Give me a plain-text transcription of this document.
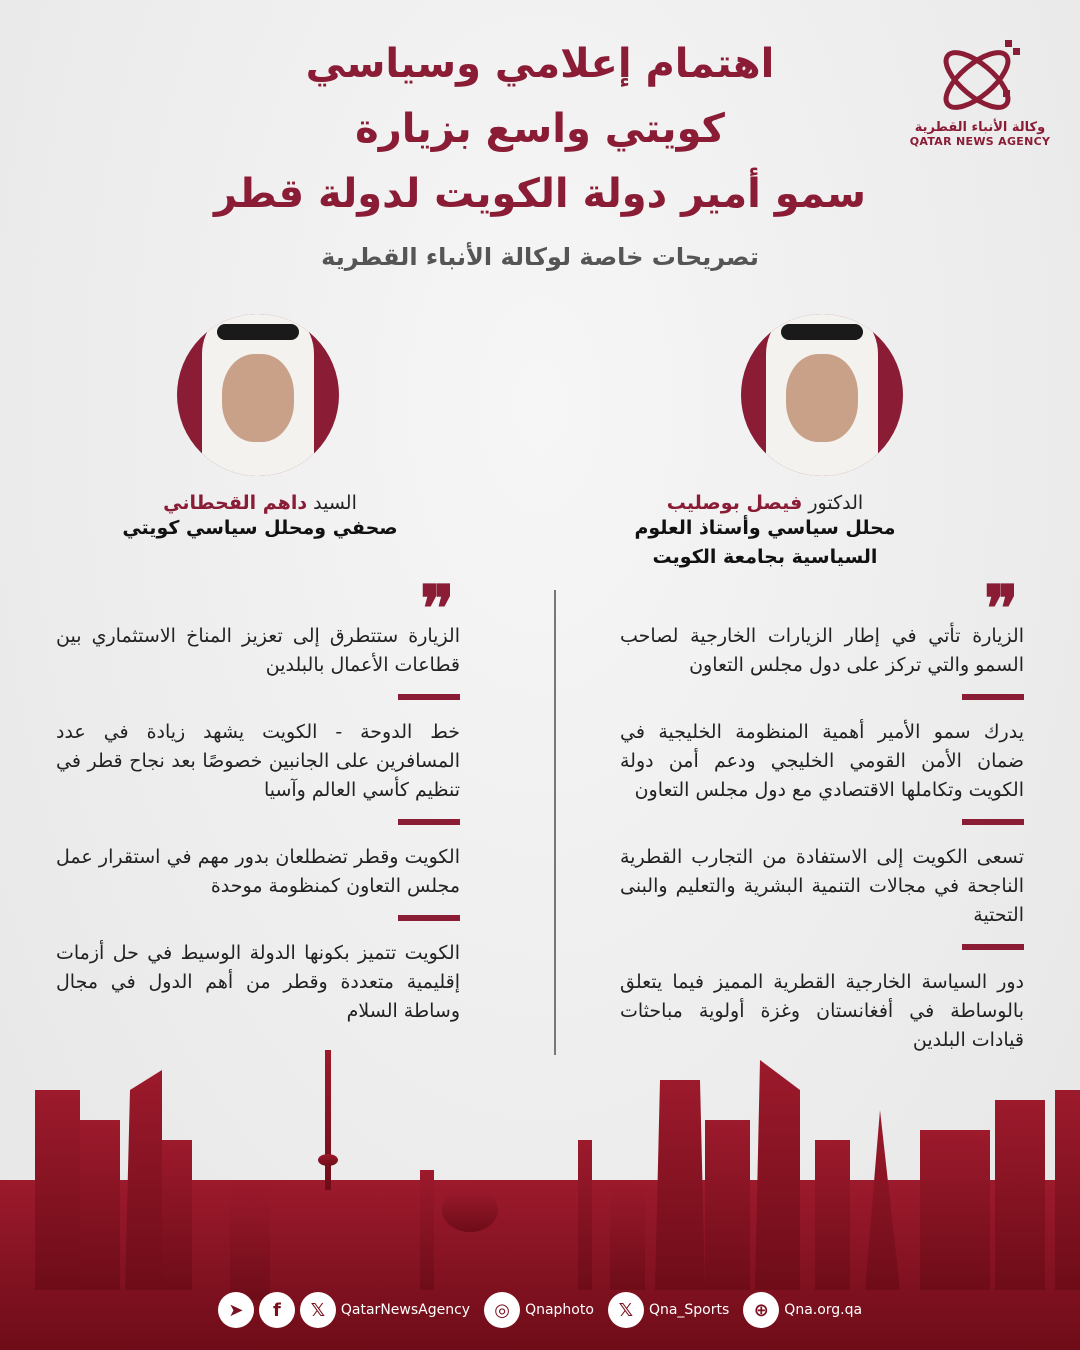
وكالة الأنباء القطرية
QATAR NEWS AGENCY
اهتمام إعلامي وسياسي
كويتي واسع بزيارة
سمو أمير دولة الكويت لدولة قطر
تصريحات خاصة لوكالة الأنباء القطرية
الدكتور فيصل بوصليب
محلل سياسي وأستاذ العلوم
السياسية بجامعة الكويت
السيد داهم القحطاني
صحفي ومحلل سياسي كويتي
❞
❞	الزيارة تأتي في إطار الزيارات الخارجية لصاحب السمو والتي تركز على دول مجلس التعاون
يدرك سمو الأمير أهمية المنظومة الخليجية في ضمان الأمن القومي الخليجي ودعم أمن دولة الكويت وتكاملها الاقتصادي مع دول مجلس التعاون
تسعى الكويت إلى الاستفادة من التجارب القطرية الناجحة في مجالات التنمية البشرية والتعليم والبنى التحتية
دور السياسة الخارجية القطرية المميز فيما يتعلق بالوساطة في أفغانستان وغزة أولوية مباحثات قيادات البلدين
الزيارة ستتطرق إلى تعزيز المناخ الاستثماري بين قطاعات الأعمال بالبلدين
خط الدوحة - الكويت يشهد زيادة في عدد المسافرين على الجانبين خصوصًا بعد نجاح قطر في تنظيم كأسي العالم وآسيا
الكويت وقطر تضطلعان بدور مهم في استقرار عمل مجلس التعاون كمنظومة موحدة
الكويت تتميز بكونها الدولة الوسيط في حل أزمات إقليمية متعددة وقطر من أهم الدول في مجال وساطة السلام
➤	f	𝕏	QatarNewsAgency	◎	Qnaphoto	𝕏	Qna_Sports	⊕	Qna.org.qa
